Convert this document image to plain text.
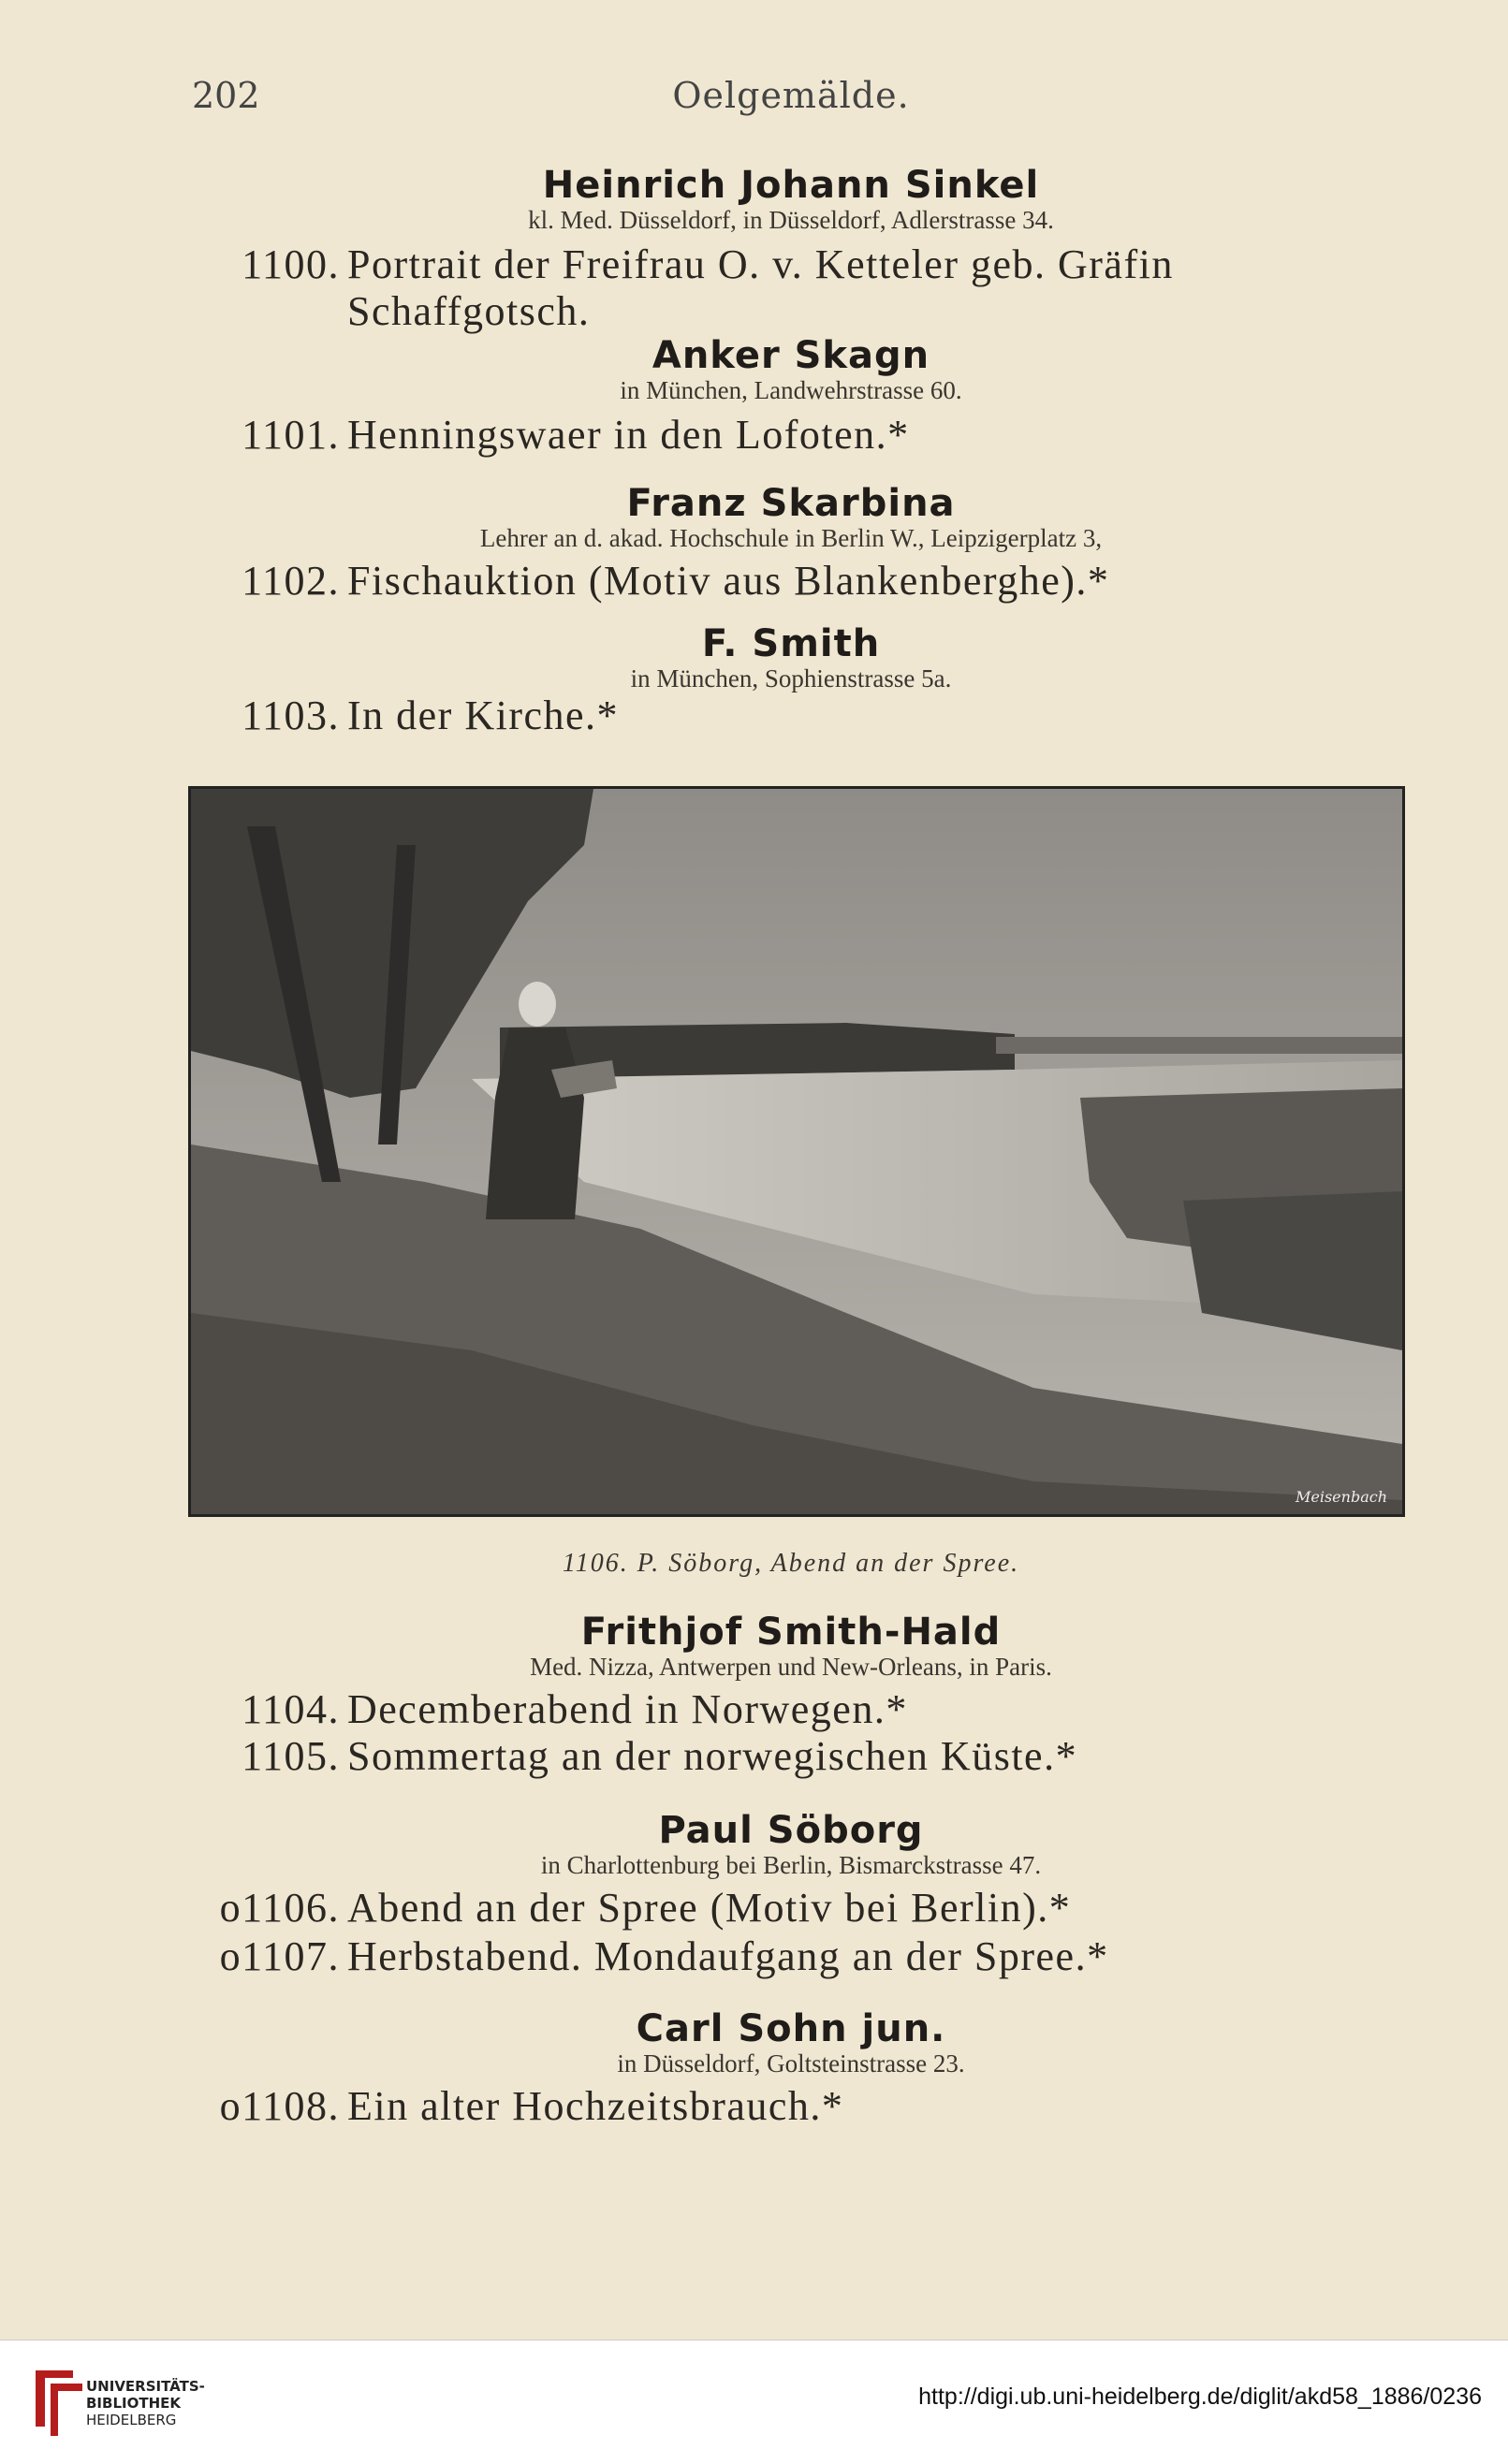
202	Oelgemälde.
Heinrich Johann Sinkel
kl. Med. Düsseldorf, in Düsseldorf, Adlerstrasse 34.
1100. Portrait der Freifrau O. v. Ketteler geb. Gräfin
Schaffgotsch.
Anker Skagn
in München, Landwehrstrasse 60.
1101. Henningswaer in den Lofoten.*
Franz Skarbina
Lehrer an d. akad. Hochschule in Berlin W., Leipzigerplatz 3,
1102. Fischauktion (Motiv aus Blankenberghe).*
F. Smith
in München, Sophienstrasse 5a.
1103. In der Kirche.*
Meisenbach
1106. P. Söborg, Abend an der Spree.
Frithjof Smith-Hald
Med. Nizza, Antwerpen und New-Orleans, in Paris.
1104. Decemberabend in Norwegen.*
1105. Sommertag an der norwegischen Küste.*
Paul Söborg
in Charlottenburg bei Berlin, Bismarckstrasse 47.
o1106. Abend an der Spree (Motiv bei Berlin).*
o1107. Herbstabend. Mondaufgang an der Spree.*
Carl Sohn jun.
in Düsseldorf, Goltsteinstrasse 23.
o1108. Ein alter Hochzeitsbrauch.*
UNIVERSITÄTS-
BIBLIOTHEK
HEIDELBERG
http://digi.ub.uni-heidelberg.de/diglit/akd58_1886/0236
